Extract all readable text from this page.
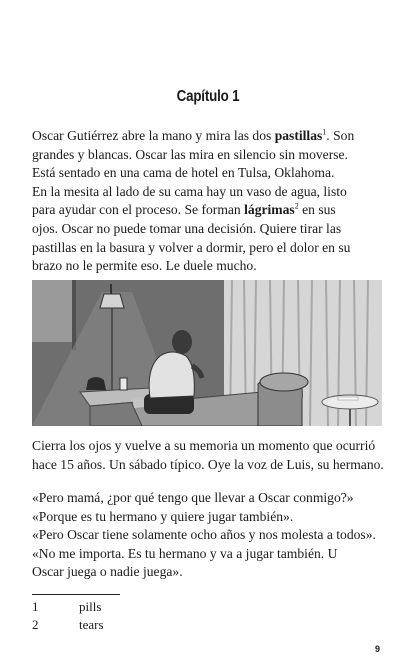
Capítulo 1
Oscar Gutiérrez abre la mano y mira las dos pastillas$^1$. Son
grandes y blancas. Oscar las mira en silencio sin moverse.
Está sentado en una cama de hotel en Tulsa, Oklahoma.
En la mesita al lado de su cama hay un vaso de agua, listo
para ayudar con el proceso. Se forman lágrimas$^2$ en sus
ojos. Oscar no puede tomar una decisión. Quiere tirar las
pastillas en la basura y volver a dormir, pero el dolor en su
brazo no le permite eso. Le duele mucho.
Cierra los ojos y vuelve a su memoria un momento que ocurrió
hace 15 años. Un sábado típico. Oye la voz de Luis, su hermano.
«Pero mamá, ¿por qué tengo que llevar a Oscar conmigo?»
«Porque es tu hermano y quiere jugar también».
«Pero Oscar tiene solamente ocho años y nos molesta a todos».
«No me importa. Es tu hermano y va a jugar también. U
Oscar juega o nadie juega».
1	pills
2	tears
9
